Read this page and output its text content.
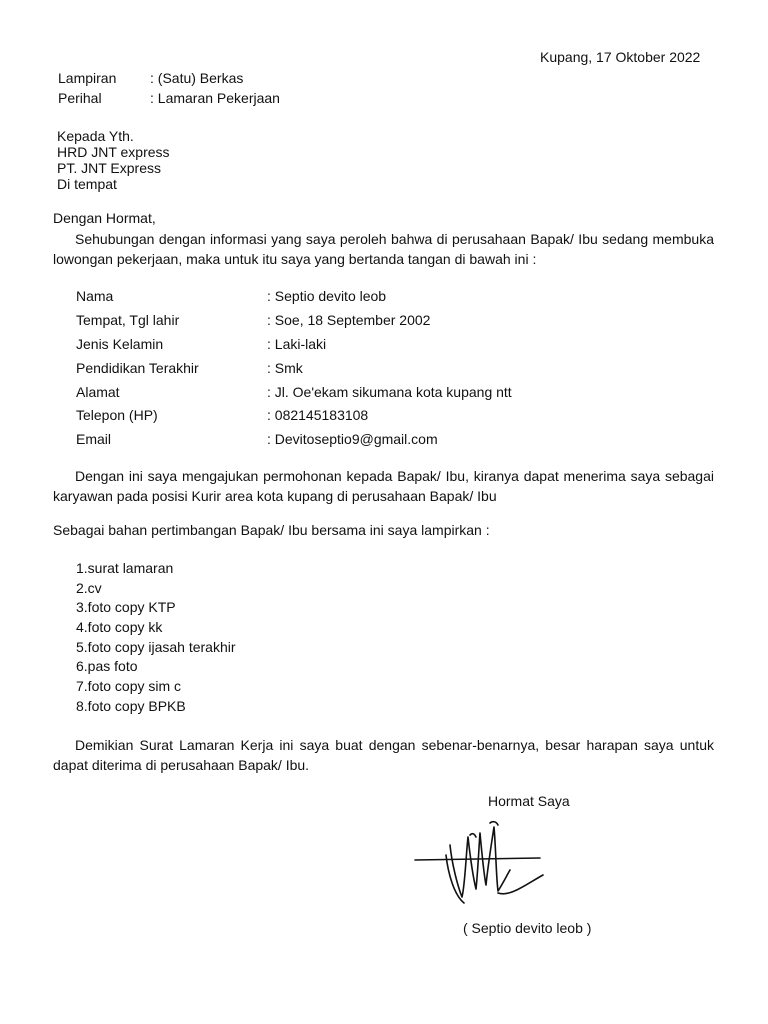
Kupang, 17 Oktober 2022
Lampiran : (Satu) Berkas
Perihal	: Lamaran Pekerjaan
Kepada Yth.
HRD JNT express
PT. JNT Express
Di tempat
Dengan Hormat,
Sehubungan dengan informasi yang saya peroleh bahwa di perusahaan Bapak/ Ibu sedang membuka lowongan pekerjaan, maka untuk itu saya yang bertanda tangan di bawah ini :
Nama	: Septio devito leob
Tempat, Tgl lahir	: Soe, 18 September 2002
Jenis Kelamin	: Laki-laki
Pendidikan Terakhir	: Smk
Alamat	: Jl. Oe'ekam sikumana kota kupang ntt
Telepon (HP)	: 082145183108
Email	: Devitoseptio9@gmail.com
Dengan ini saya mengajukan permohonan kepada Bapak/ Ibu, kiranya dapat menerima saya sebagai karyawan pada posisi Kurir area kota kupang di perusahaan Bapak/ Ibu
Sebagai bahan pertimbangan Bapak/ Ibu bersama ini saya lampirkan :
1.surat lamaran
2.cv
3.foto copy KTP
4.foto copy kk
5.foto copy ijasah terakhir
6.pas foto
7.foto copy sim c
8.foto copy BPKB
Demikian Surat Lamaran Kerja ini saya buat dengan sebenar-benarnya, besar harapan saya untuk dapat diterima di perusahaan Bapak/ Ibu.
Hormat Saya
( Septio devito leob )
